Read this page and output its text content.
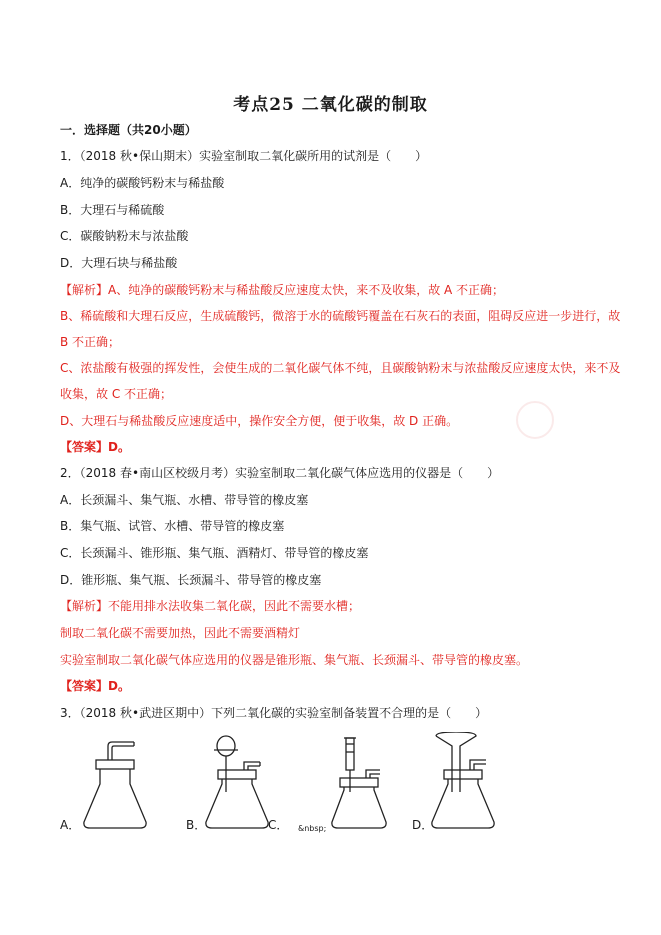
考点25 二氧化碳的制取
一．选择题（共20小题）
1．（2018 秋•保山期末）实验室制取二氧化碳所用的试剂是（　　）
A．纯净的碳酸钙粉末与稀盐酸
B．大理石与稀硫酸
C．碳酸钠粉末与浓盐酸
D．大理石块与稀盐酸
【解析】A、纯净的碳酸钙粉末与稀盐酸反应速度太快，来不及收集，故 A 不正确；
B、稀硫酸和大理石反应，生成硫酸钙，微溶于水的硫酸钙覆盖在石灰石的表面，阻碍反应进一步进行，故
B 不正确；
C、浓盐酸有极强的挥发性，会使生成的二氧化碳气体不纯，且碳酸钠粉末与浓盐酸反应速度太快，来不及
收集，故 C 不正确；
D、大理石与稀盐酸反应速度适中，操作安全方便，便于收集，故 D 正确。
【答案】D。
2．（2018 春•南山区校级月考）实验室制取二氧化碳气体应选用的仪器是（　　）
A．长颈漏斗、集气瓶、水槽、带导管的橡皮塞
B．集气瓶、试管、水槽、带导管的橡皮塞
C．长颈漏斗、锥形瓶、集气瓶、酒精灯、带导管的橡皮塞
D．锥形瓶、集气瓶、长颈漏斗、带导管的橡皮塞
【解析】不能用排水法收集二氧化碳，因此不需要水槽；
制取二氧化碳不需要加热，因此不需要酒精灯
实验室制取二氧化碳气体应选用的仪器是锥形瓶、集气瓶、长颈漏斗、带导管的橡皮塞。
【答案】D。
3．（2018 秋•武进区期中）下列二氧化碳的实验室制备装置不合理的是（　　）
A．	B．	C． &nbsp;	D．
